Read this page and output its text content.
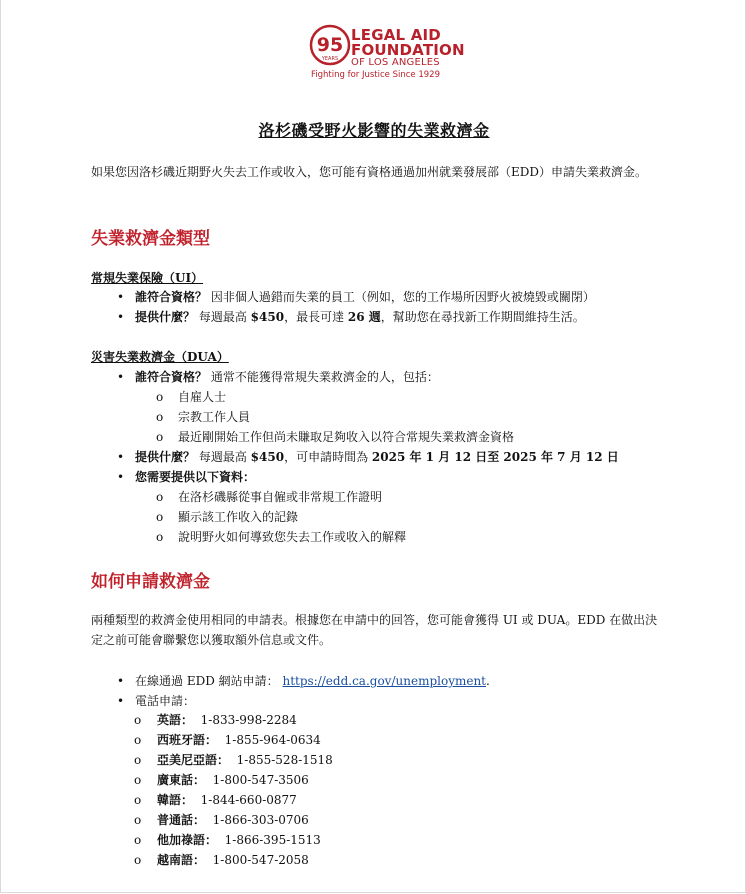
95
YEARS
LEGAL AID
FOUNDATION
OF LOS ANGELES
Fighting for Justice Since 1929
洛杉磯受野火影響的失業救濟金
如果您因洛杉磯近期野火失去工作或收入，您可能有資格通過加州就業發展部（EDD）申請失業救濟金。
失業救濟金類型
常規失業保險（UI）
• 誰符合資格？ 因非個人過錯而失業的員工（例如，您的工作場所因野火被燒毀或關閉）
• 提供什麼？ 每週最高 $450，最長可達 26 週，幫助您在尋找新工作期間維持生活。
災害失業救濟金（DUA）
• 誰符合資格？ 通常不能獲得常規失業救濟金的人，包括：
o 自雇人士
o 宗教工作人員
o 最近剛開始工作但尚未賺取足夠收入以符合常規失業救濟金資格
• 提供什麼？ 每週最高 $450，可申請時間為 2025 年 1 月 12 日至 2025 年 7 月 12 日
• 您需要提供以下資料：
o 在洛杉磯縣從事自僱或非常規工作證明
o 顯示該工作收入的記錄
o 說明野火如何導致您失去工作或收入的解釋
如何申請救濟金
兩種類型的救濟金使用相同的申請表。根據您在申請中的回答，您可能會獲得 UI 或 DUA。EDD 在做出決定之前可能會聯繫您以獲取額外信息或文件。
• 在線通過 EDD 網站申請： https://edd.ca.gov/unemployment.
• 電話申請：
o 英語：  1-833-998-2284
o 西班牙語：  1-855-964-0634
o 亞美尼亞語：  1-855-528-1518
o 廣東話：  1-800-547-3506
o 韓語：  1-844-660-0877
o 普通話：  1-866-303-0706
o 他加祿語：  1-866-395-1513
o 越南語：  1-800-547-2058
